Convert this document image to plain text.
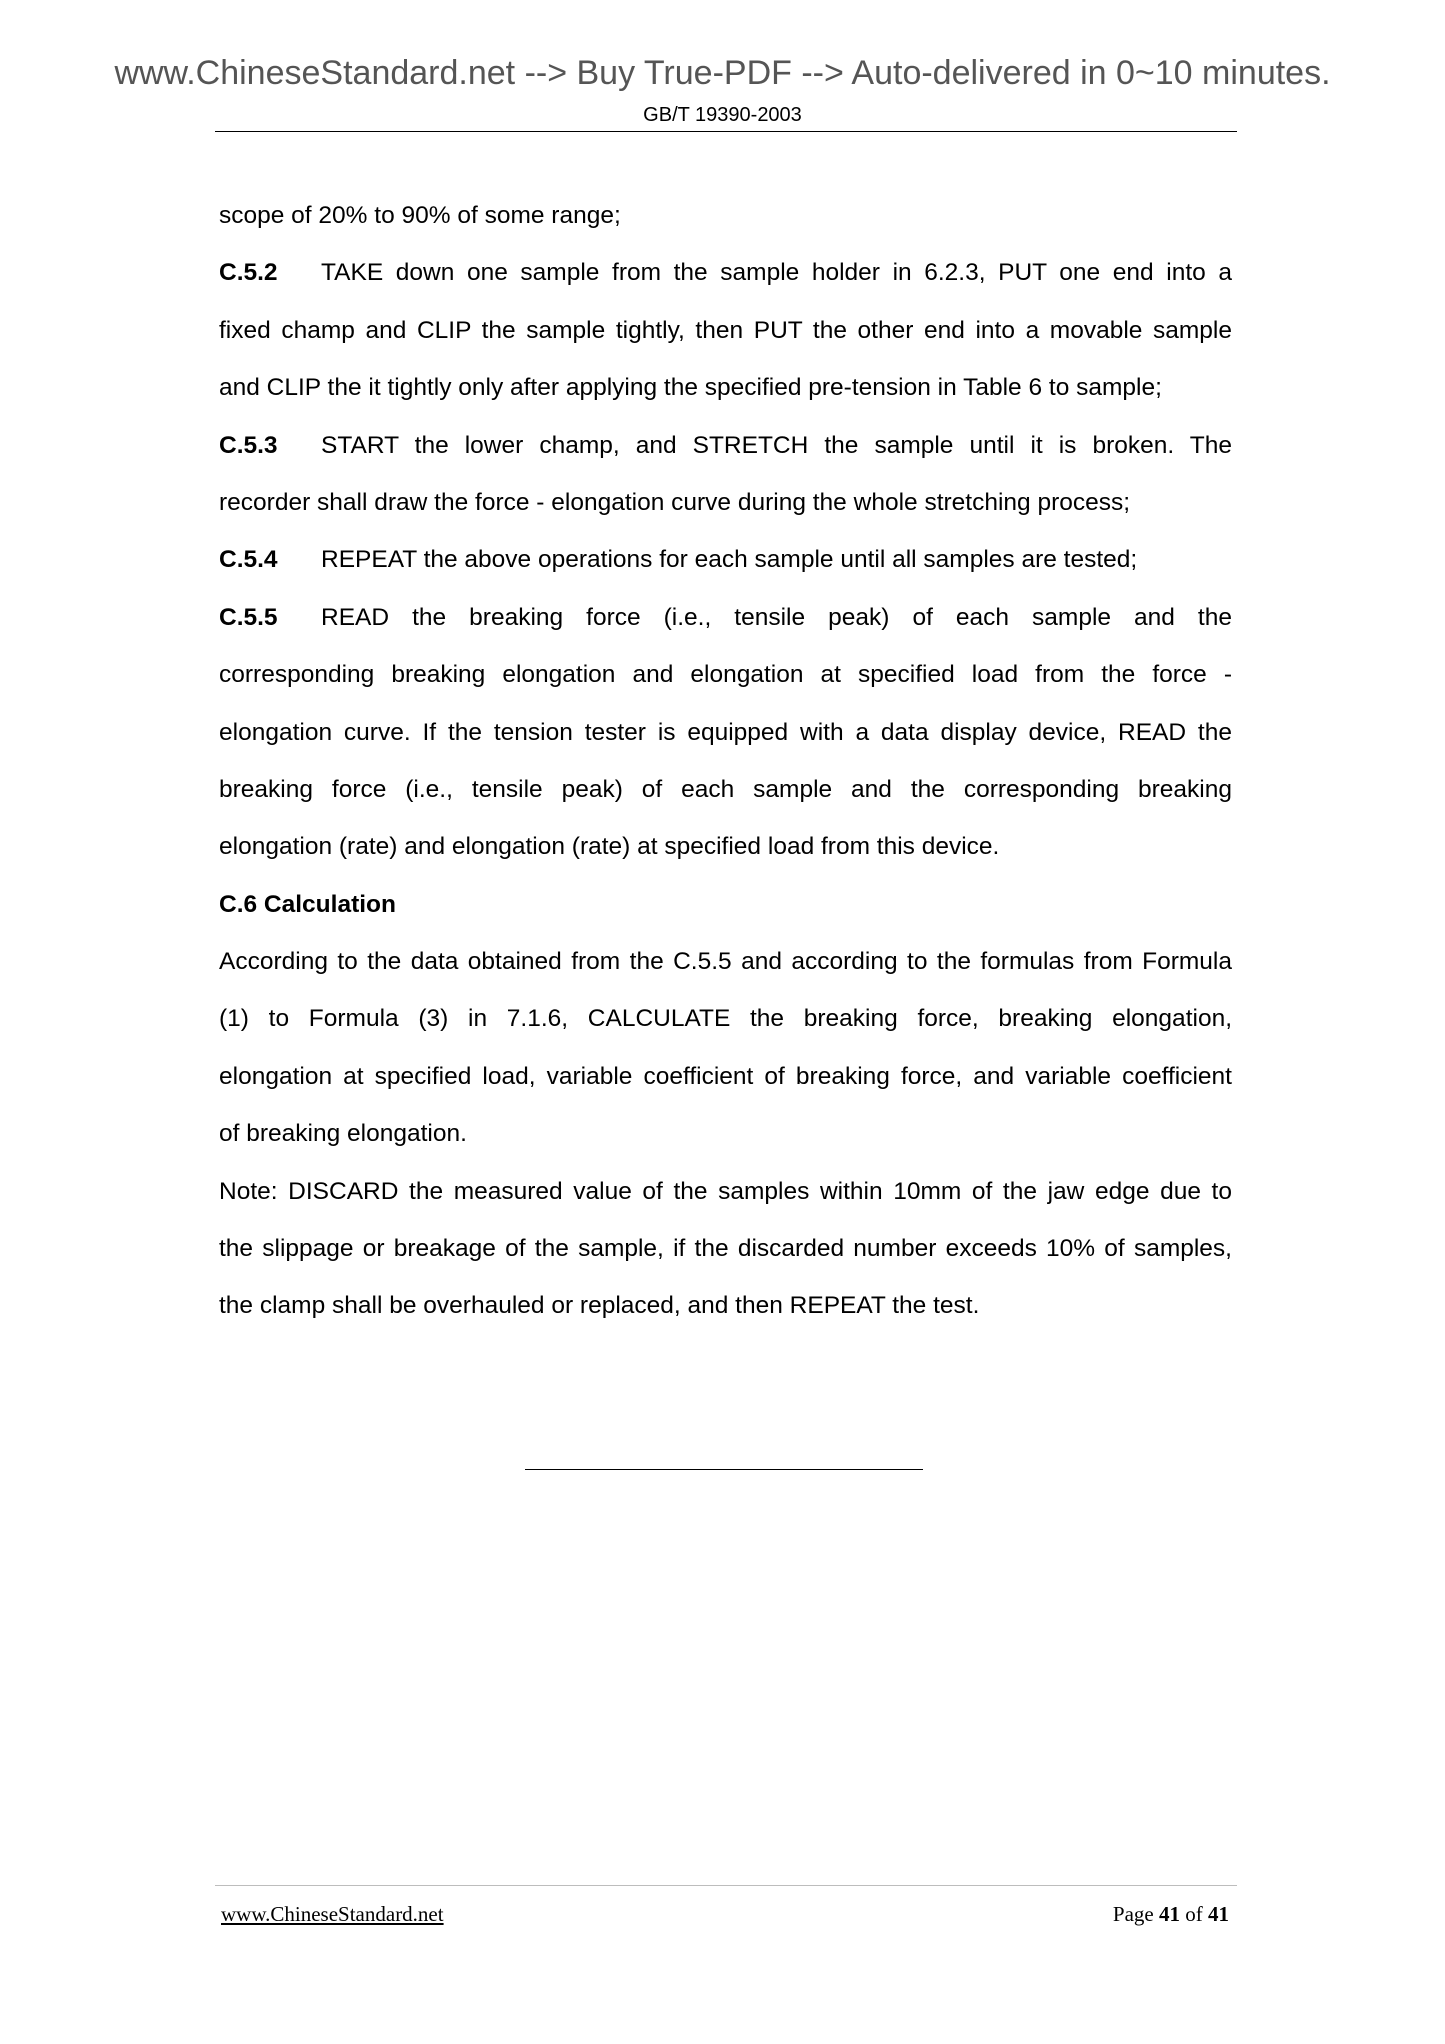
www.ChineseStandard.net --> Buy True-PDF --> Auto-delivered in 0~10 minutes.
GB/T 19390-2003
scope of 20% to 90% of some range;
C.5.2 TAKE down one sample from the sample holder in 6.2.3, PUT one end into a
fixed champ and CLIP the sample tightly, then PUT the other end into a movable sample
and CLIP the it tightly only after applying the specified pre-tension in Table 6 to sample;
C.5.3 START the lower champ, and STRETCH the sample until it is broken. The
recorder shall draw the force - elongation curve during the whole stretching process;
C.5.4 REPEAT the above operations for each sample until all samples are tested;
C.5.5 READ the breaking force (i.e., tensile peak) of each sample and the
corresponding breaking elongation and elongation at specified load from the force -
elongation curve. If the tension tester is equipped with a data display device, READ the
breaking force (i.e., tensile peak) of each sample and the corresponding breaking
elongation (rate) and elongation (rate) at specified load from this device.
C.6 Calculation
According to the data obtained from the C.5.5 and according to the formulas from Formula
(1) to Formula (3) in 7.1.6, CALCULATE the breaking force, breaking elongation,
elongation at specified load, variable coefficient of breaking force, and variable coefficient
of breaking elongation.
Note: DISCARD the measured value of the samples within 10mm of the jaw edge due to
the slippage or breakage of the sample, if the discarded number exceeds 10% of samples,
the clamp shall be overhauled or replaced, and then REPEAT the test.
www.ChineseStandard.net	Page 41 of 41
